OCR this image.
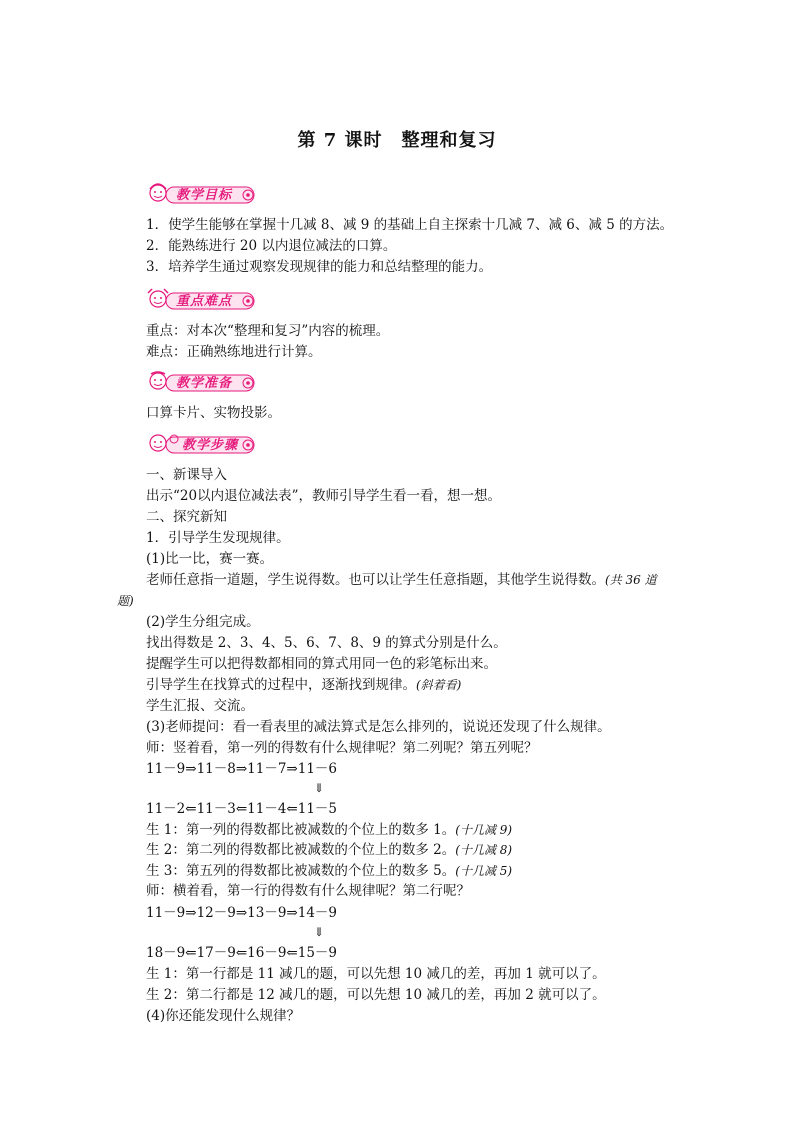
第 7 课时　整理和复习
教学目标
1．使学生能够在掌握十几减 8、减 9 的基础上自主探索十几减 7、减 6、减 5 的方法。
2．能熟练进行 20 以内退位减法的口算。
3．培养学生通过观察发现规律的能力和总结整理的能力。
重点难点
重点：对本次“整理和复习”内容的梳理。
难点：正确熟练地进行计算。
教学准备
口算卡片、实物投影。
教学步骤
一、新课导入
出示“20以内退位减法表”，教师引导学生看一看，想一想。
二、探究新知
1．引导学生发现规律。
(1)比一比，赛一赛。
老师任意指一道题，学生说得数。也可以让学生任意指题，其他学生说得数。(共 36 道
题)
(2)学生分组完成。
找出得数是 2、3、4、5、6、7、8、9 的算式分别是什么。
提醒学生可以把得数都相同的算式用同一色的彩笔标出来。
引导学生在找算式的过程中，逐渐找到规律。(斜着看)
学生汇报、交流。
(3)老师提问：看一看表里的减法算式是怎么排列的，说说还发现了什么规律。
师：竖着看，第一列的得数有什么规律呢？第二列呢？第五列呢？
11－9⇒11－8⇒11－7⇒11－6
⇓
11－2⇐11－3⇐11－4⇐11－5
生 1：第一列的得数都比被减数的个位上的数多 1。(十几减 9)
生 2：第二列的得数都比被减数的个位上的数多 2。(十几减 8)
生 3：第五列的得数都比被减数的个位上的数多 5。(十几减 5)
师：横着看，第一行的得数有什么规律呢？第二行呢？
11－9⇒12－9⇒13－9⇒14－9
⇓
18－9⇐17－9⇐16－9⇐15－9
生 1：第一行都是 11 减几的题，可以先想 10 减几的差，再加 1 就可以了。
生 2：第二行都是 12 减几的题，可以先想 10 减几的差，再加 2 就可以了。
(4)你还能发现什么规律？
